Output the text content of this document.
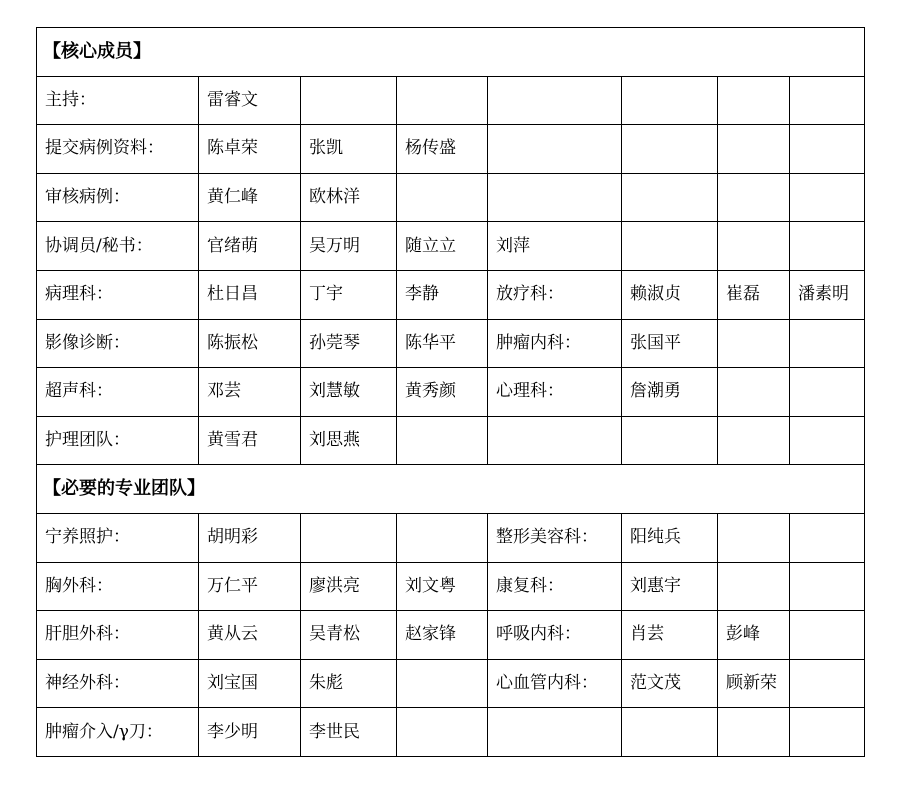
【核心成员】							
主持：	雷睿文						
提交病例资料：	陈卓荣	张凯	杨传盛				
审核病例：	黄仁峰	欧林洋					
协调员/秘书：	官绪萌	吴万明	随立立	刘萍			
病理科：	杜日昌	丁宇	李静	放疗科：	赖淑贞	崔磊	潘素明
影像诊断：	陈振松	孙莞琴	陈华平	肿瘤内科：	张国平		
超声科：	邓芸	刘慧敏	黄秀颜	心理科：	詹潮勇		
护理团队：	黄雪君	刘思燕					
【必要的专业团队】							
宁养照护：	胡明彩			整形美容科：	阳纯兵		
胸外科：	万仁平	廖洪亮	刘文粤	康复科：	刘惠宇		
肝胆外科：	黄从云	吴青松	赵家锋	呼吸内科：	肖芸	彭峰	
神经外科：	刘宝国	朱彪		心血管内科：	范文茂	顾新荣	
肿瘤介入/γ刀：	李少明	李世民					
